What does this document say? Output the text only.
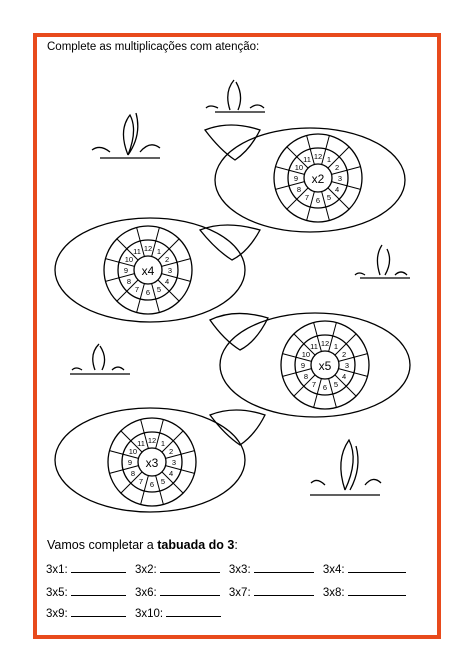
Complete as multiplicações com atenção:
1
2
3
4
5
6
7
8
9
10
11 12
x2
1
2
3
4
5
6
7
8
9
10
11 12
x4
1
2
3
4
5
6
7
8
9
10
11 12
x5
1
2
3
4
5
6
7
8
9
10
11 12
x3
Vamos completar a tabuada do 3:
3x1:	3x2:	3x3:	3x4:
3x5:	3x6:	3x7:	3x8:
3x9:	3x10:
